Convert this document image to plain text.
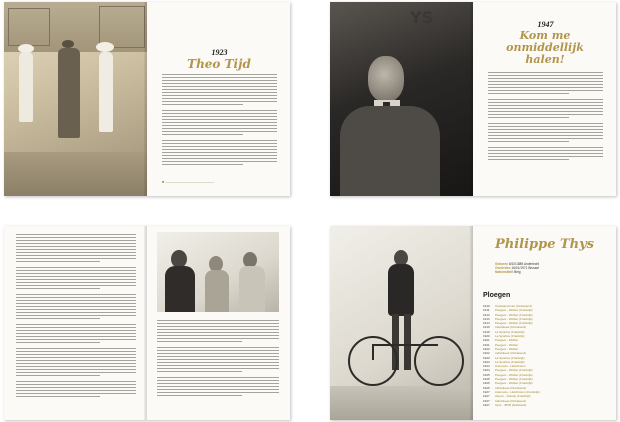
1923
Theo Tijd
■ ——————————————
YS	1947
Kom me onmiddellijk halen!
Philippe Thys
Geboren 8/10/1889 Anderlecht
Overleden 16/01/1971 Brussel
Nationaliteit Belg
Ploegen
1910 Oostkamprivier (Onbekend)
1911 Peugeot - Wolber (Frankrijk)
1912 Peugeot - Wolber (Frankrijk)
1913 Peugeot - Wolber (Frankrijk)
1914 Peugeot - Wolber (Frankrijk)
1919 Individueel (Onbekend)
1919 La Sportive (Frankrijk)
1920 La Sportive (Frankrijk)
1921 Peugeot - Wolber
1921 Peugeot - Wolber
1922 Peugeot - Wolber
1922 Individueel (Onbekend)
1923 La Sportive (Frankrijk)
1923 La Sportive (Frankrijk)
1924 Automoto - Hutchinson
1924 Peugeot - Wolber (Frankrijk)
1925 Peugeot - Wolber (Frankrijk)
1925 Peugeot - Wolber (Frankrijk)
1926 Peugeot - Wolber (Frankrijk)
1926 Individueel (Onbekend)
1927 Automoto - Hutchinson (Frankrijk)
1927 Alcyon - Dunlop (Frankrijk)
1927 Individueel (Onbekend)
1927 Opel - JB Bl (Duitsland)
